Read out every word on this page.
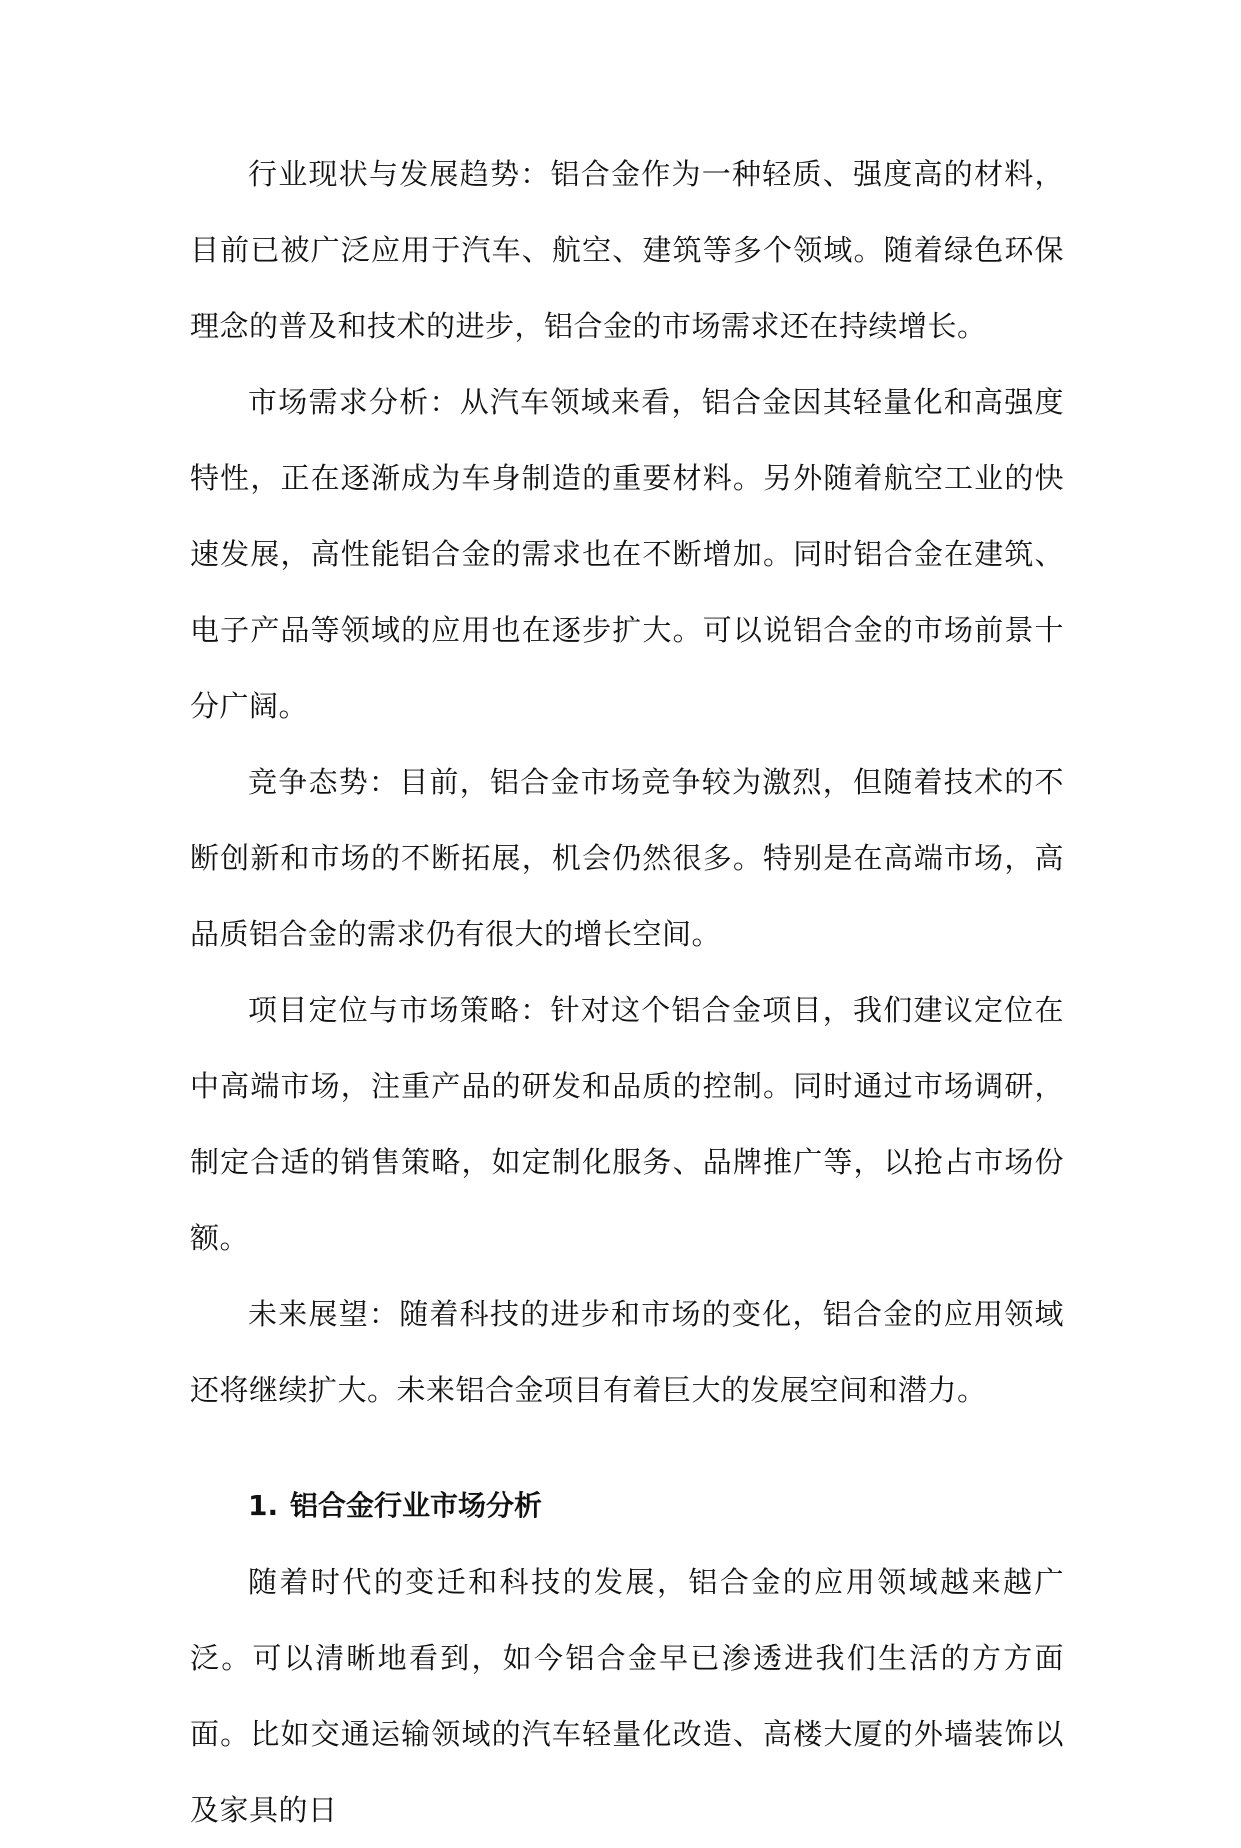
行业现状与发展趋势：铝合金作为一种轻质、强度高的材料，目前已被广泛应用于汽车、航空、建筑等多个领域。随着绿色环保理念的普及和技术的进步，铝合金的市场需求还在持续增长。

市场需求分析：从汽车领域来看，铝合金因其轻量化和高强度特性，正在逐渐成为车身制造的重要材料。另外随着航空工业的快速发展，高性能铝合金的需求也在不断增加。同时铝合金在建筑、电子产品等领域的应用也在逐步扩大。可以说铝合金的市场前景十分广阔。

竞争态势：目前，铝合金市场竞争较为激烈，但随着技术的不断创新和市场的不断拓展，机会仍然很多。特别是在高端市场，高品质铝合金的需求仍有很大的增长空间。

项目定位与市场策略：针对这个铝合金项目，我们建议定位在中高端市场，注重产品的研发和品质的控制。同时通过市场调研，制定合适的销售策略，如定制化服务、品牌推广等，以抢占市场份额。

未来展望：随着科技的进步和市场的变化，铝合金的应用领域还将继续扩大。未来铝合金项目有着巨大的发展空间和潜力。

1. 铝合金行业市场分析

随着时代的变迁和科技的发展，铝合金的应用领域越来越广泛。可以清晰地看到，如今铝合金早已渗透进我们生活的方方面面。比如交通运输领域的汽车轻量化改造、高楼大厦的外墙装饰以及家具的日
